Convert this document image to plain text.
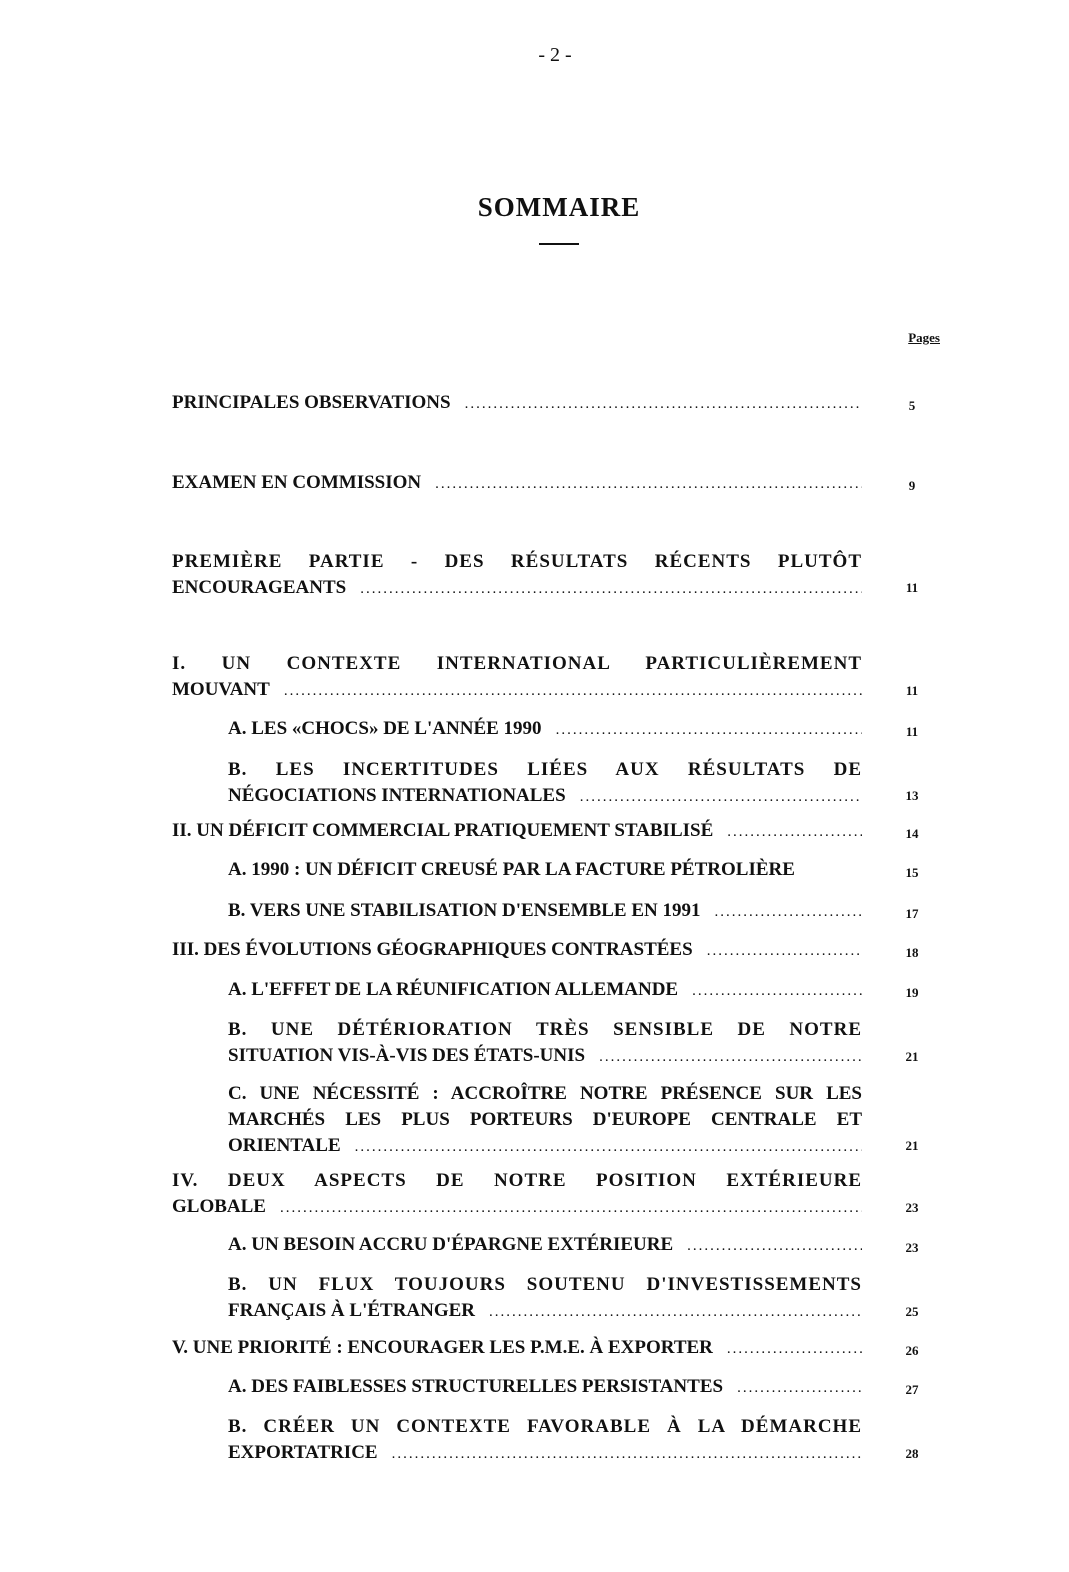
- 2 -
SOMMAIRE
Pages
PRINCIPALES OBSERVATIONS .....	5
EXAMEN EN COMMISSION .....	9
PREMIÈRE PARTIE - DES RÉSULTATS RÉCENTS PLUTÔT
ENCOURAGEANTS .....	11
I. UN CONTEXTE INTERNATIONAL PARTICULIÈREMENT
MOUVANT .....	11
A. LES «CHOCS» DE L'ANNÉE 1990 .....	11
B. LES INCERTITUDES LIÉES AUX RÉSULTATS DE
NÉGOCIATIONS INTERNATIONALES .....	13
II. UN DÉFICIT COMMERCIAL PRATIQUEMENT STABILISÉ .....	14
A. 1990 : UN DÉFICIT CREUSÉ PAR LA FACTURE PÉTROLIÈRE	15
B. VERS UNE STABILISATION D'ENSEMBLE EN 1991 .....	17
III. DES ÉVOLUTIONS GÉOGRAPHIQUES CONTRASTÉES .....	18
A. L'EFFET DE LA RÉUNIFICATION ALLEMANDE .....	19
B. UNE DÉTÉRIORATION TRÈS SENSIBLE DE NOTRE
SITUATION VIS-À-VIS DES ÉTATS-UNIS .....	21
C. UNE NÉCESSITÉ : ACCROÎTRE NOTRE PRÉSENCE SUR LES
MARCHÉS LES PLUS PORTEURS D'EUROPE CENTRALE ET
ORIENTALE .....	21
IV. DEUX ASPECTS DE NOTRE POSITION EXTÉRIEURE
GLOBALE .....	23
A. UN BESOIN ACCRU D'ÉPARGNE EXTÉRIEURE .....	23
B. UN FLUX TOUJOURS SOUTENU D'INVESTISSEMENTS
FRANÇAIS À L'ÉTRANGER .....	25
V. UNE PRIORITÉ : ENCOURAGER LES P.M.E. À EXPORTER .....	26
A. DES FAIBLESSES STRUCTURELLES PERSISTANTES .....	27
B. CRÉER UN CONTEXTE FAVORABLE À LA DÉMARCHE
EXPORTATRICE .....	28
